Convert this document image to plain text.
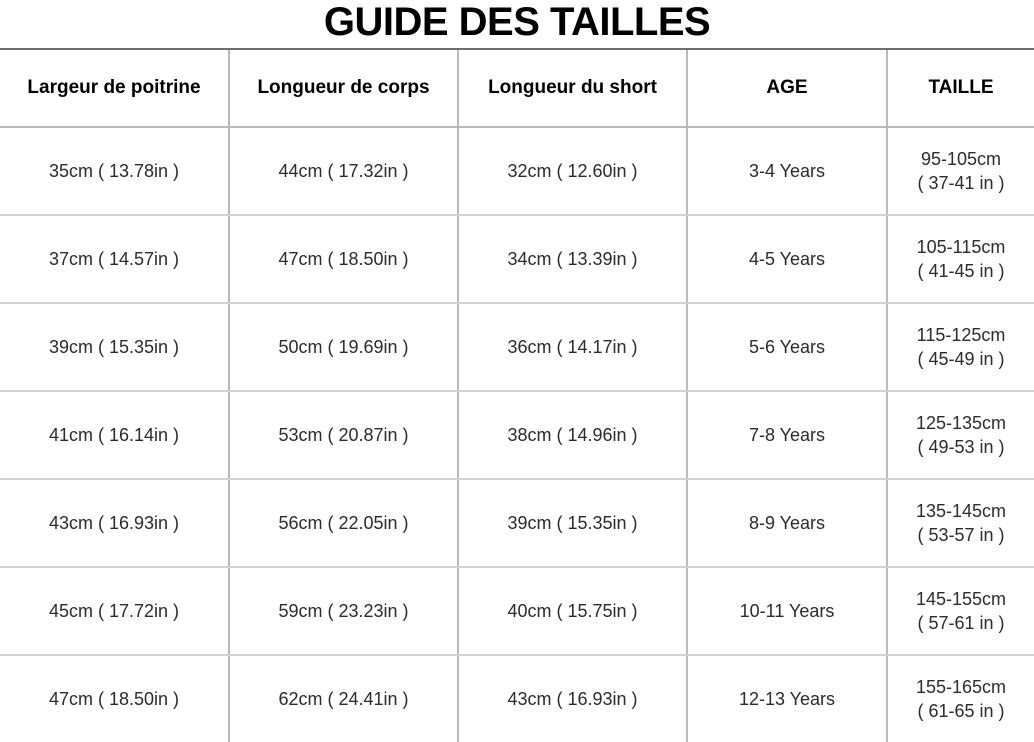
GUIDE DES TAILLES
Largeur de poitrine	Longueur de corps	Longueur du short	AGE	TAILLE
35cm ( 13.78in )	44cm ( 17.32in )	32cm ( 12.60in )	3-4 Years	95-105cm
( 37-41 in )

37cm ( 14.57in )	47cm ( 18.50in )	34cm ( 13.39in )	4-5 Years	105-115cm
( 41-45 in )

39cm ( 15.35in )	50cm ( 19.69in )	36cm ( 14.17in )	5-6 Years	115-125cm
( 45-49 in )

41cm ( 16.14in )	53cm ( 20.87in )	38cm ( 14.96in )	7-8 Years	125-135cm
( 49-53 in )

43cm ( 16.93in )	56cm ( 22.05in )	39cm ( 15.35in )	8-9 Years	135-145cm
( 53-57 in )

45cm ( 17.72in )	59cm ( 23.23in )	40cm ( 15.75in )	10-11 Years	145-155cm
( 57-61 in )

47cm ( 18.50in )	62cm ( 24.41in )	43cm ( 16.93in )	12-13 Years	155-165cm
( 61-65 in )
